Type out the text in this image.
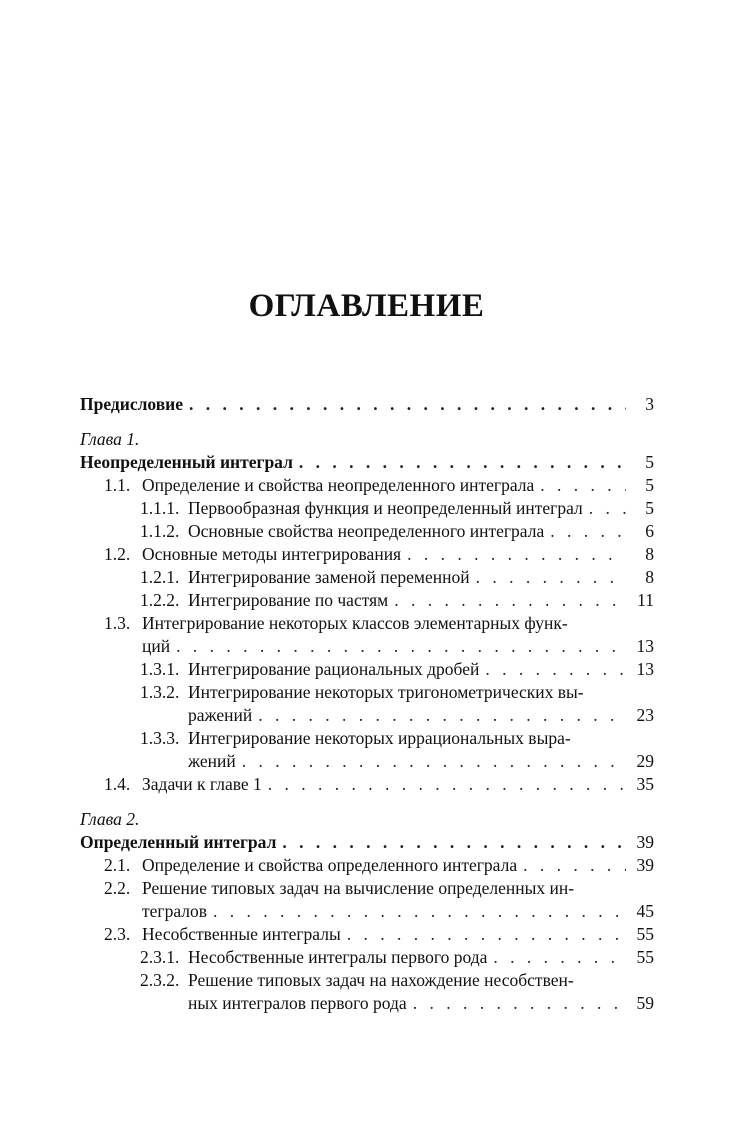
ОГЛАВЛЕНИЕ
Предисловие . . .	3
Глава 1.
Неопределенный интеграл . . .	5
1.1. Определение и свойства неопределенного интеграла . . .	5
1.1.1. Первообразная функция и неопределенный интеграл . . .	5
1.1.2. Основные свойства неопределенного интеграла . . .	6
1.2. Основные методы интегрирования . . .	8
1.2.1. Интегрирование заменой переменной . . .	8
1.2.2. Интегрирование по частям . . .	11
1.3. Интегрирование некоторых классов элементарных функ-
ций . . .	13
1.3.1. Интегрирование рациональных дробей . . .	13
1.3.2. Интегрирование некоторых тригонометрических вы-
ражений . . .	23
1.3.3. Интегрирование некоторых иррациональных выра-
жений . . .	29
1.4. Задачи к главе 1 . . .	35
Глава 2.
Определенный интеграл . . .	39
2.1. Определение и свойства определенного интеграла . . .	39
2.2. Решение типовых задач на вычисление определенных ин-
тегралов . . .	45
2.3. Несобственные интегралы . . .	55
2.3.1. Несобственные интегралы первого рода . . .	55
2.3.2. Решение типовых задач на нахождение несобствен-
ных интегралов первого рода . . .	59
